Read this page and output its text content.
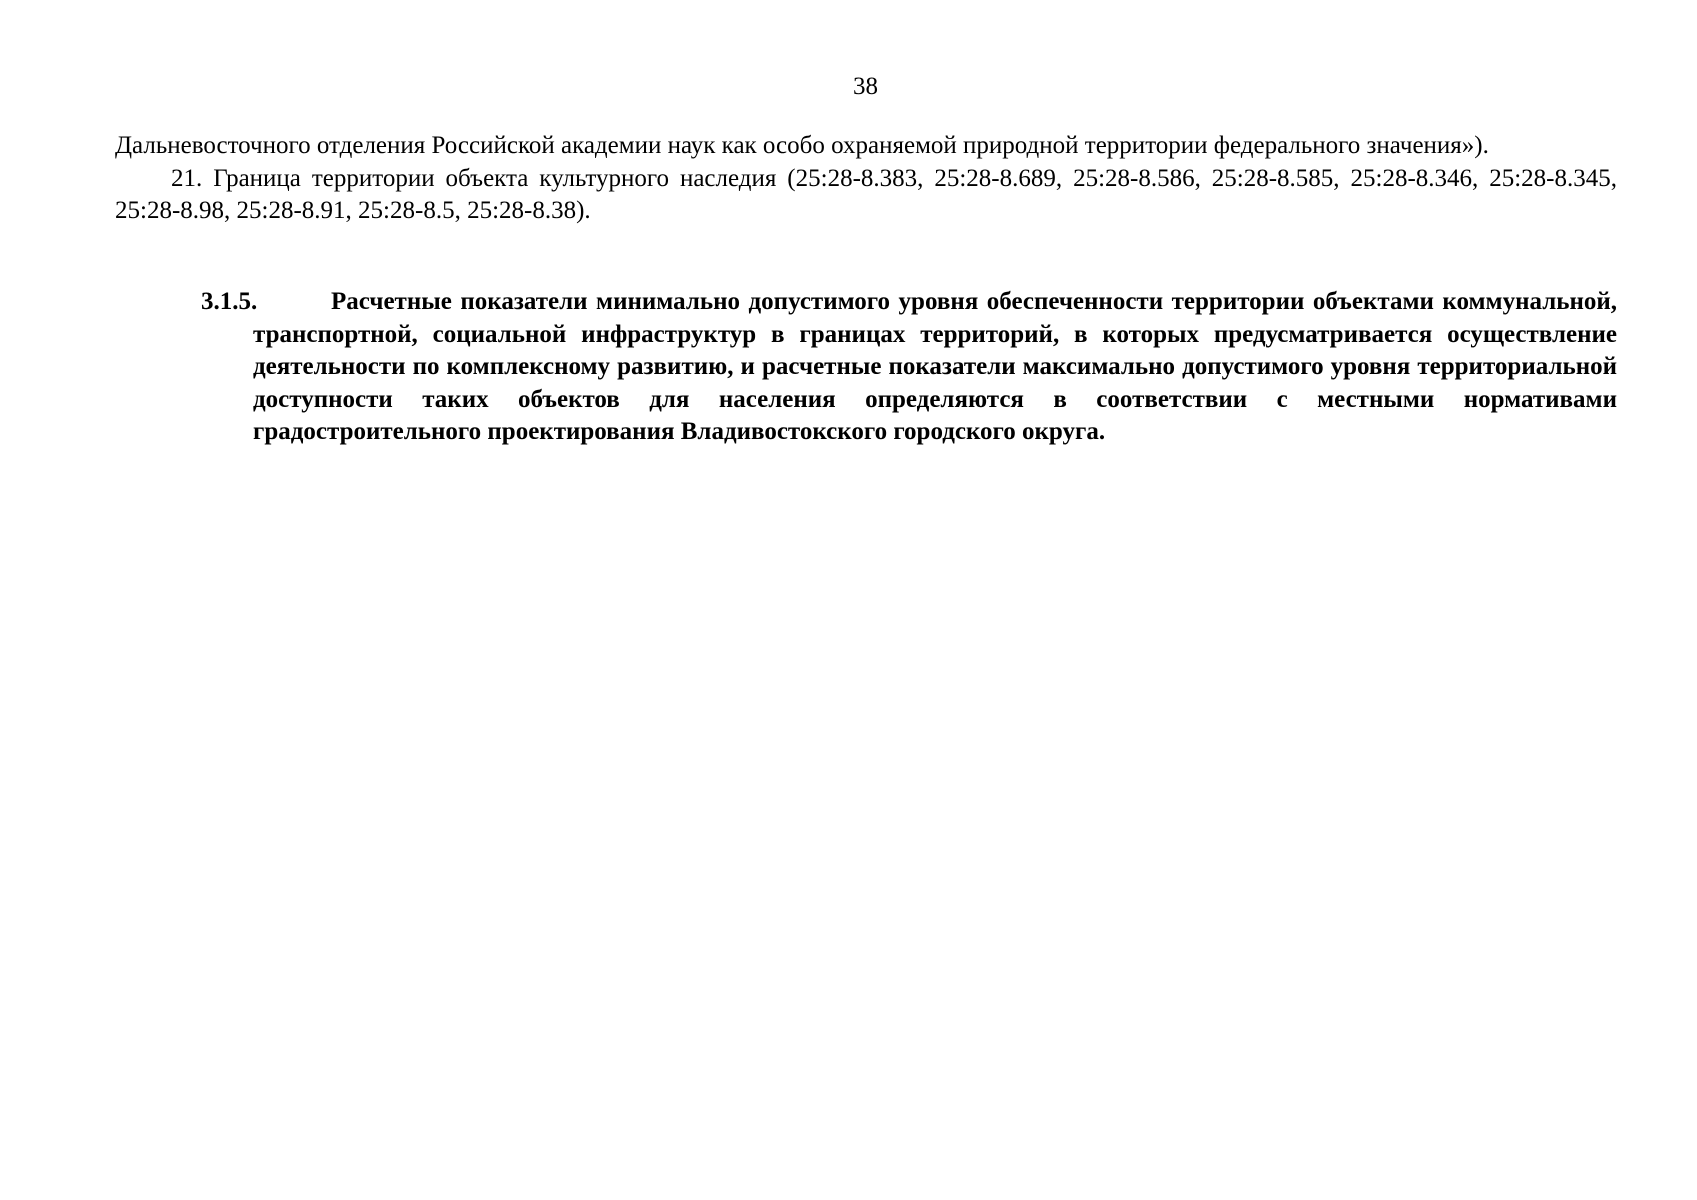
38

Дальневосточного отделения Российской академии наук как особо охраняемой природной территории федерального значения»).

21. Граница территории объекта культурного наследия (25:28-8.383, 25:28-8.689, 25:28-8.586, 25:28-8.585, 25:28-8.346, 25:28-8.345, 25:28-8.98, 25:28-8.91, 25:28-8.5, 25:28-8.38).

3.1.5.	Расчетные показатели минимально допустимого уровня обеспеченности территории объектами коммунальной, транспортной, социальной инфраструктур в границах территорий, в которых предусматривается осуществление деятельности по комплексному развитию, и расчетные показатели максимально допустимого уровня территориальной доступности таких объектов для населения определяются в соответствии с местными нормативами градостроительного проектирования Владивостокского городского округа.
